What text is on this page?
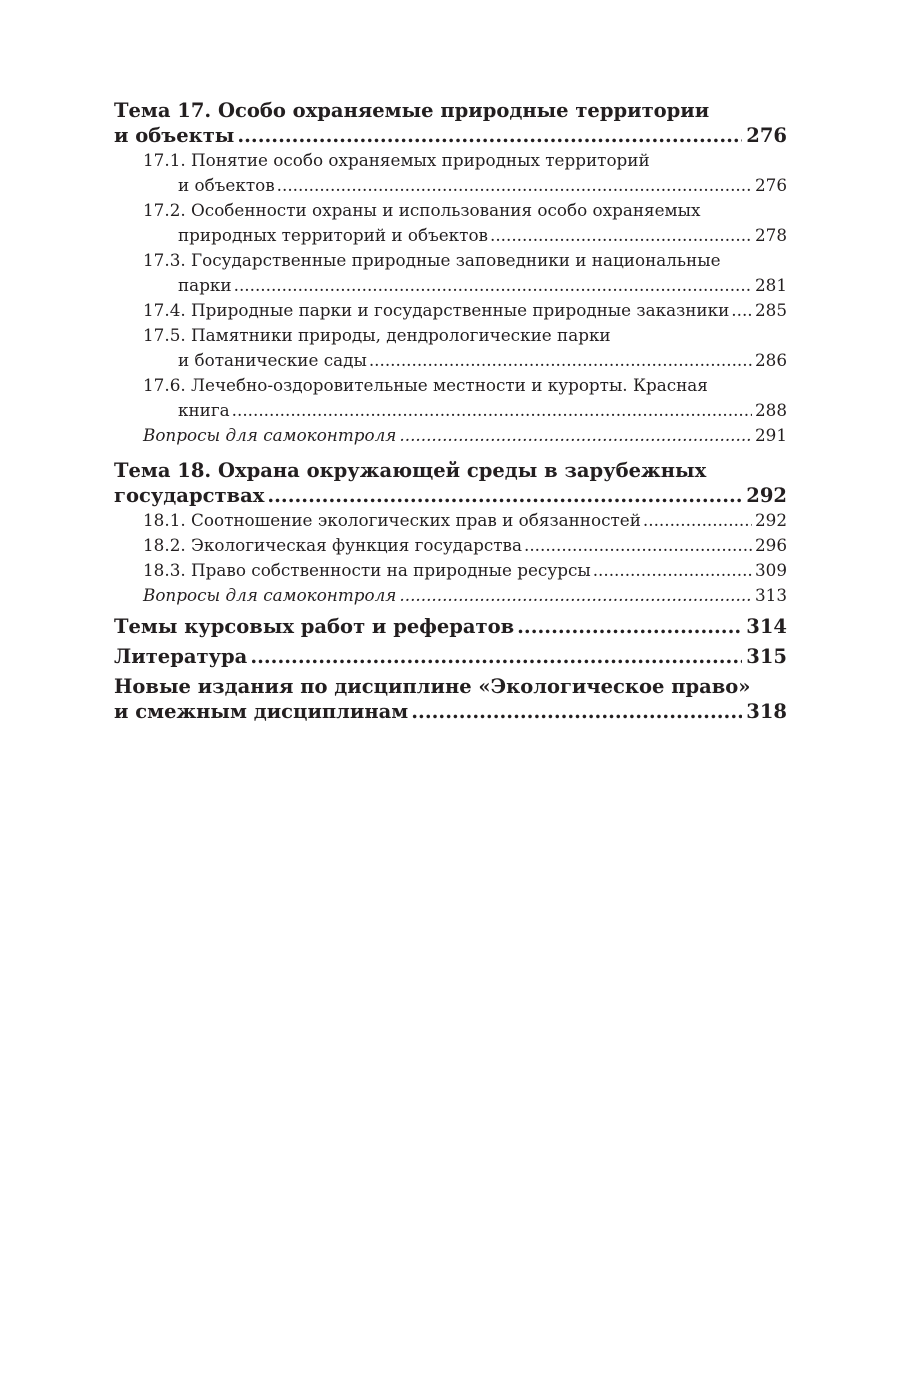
Тема 17. Особо охраняемые природные территории
и объекты .....	276
17.1. Понятие особо охраняемых природных территорий
и объектов .....	276
17.2. Особенности охраны и использования особо охраняемых
природных территорий и объектов .....	278
17.3. Государственные природные заповедники и национальные
парки .....	281
17.4. Природные парки и государственные природные заказники ..... 285
17.5. Памятники природы, дендрологические парки
и ботанические сады .....	286
17.6. Лечебно-оздоровительные местности и курорты. Красная
книга .....	288
Вопросы для самоконтроля .....	291
Тема 18. Охрана окружающей среды в зарубежных
государствах .....	292
18.1. Соотношение экологических прав и обязанностей .....	292
18.2. Экологическая функция государства .....	296
18.3. Право собственности на природные ресурсы .....	309
Вопросы для самоконтроля .....	313
Темы курсовых работ и рефератов .....	314
Литература .....	315
Новые издания по дисциплине «Экологическое право»
и смежным дисциплинам .....	318
